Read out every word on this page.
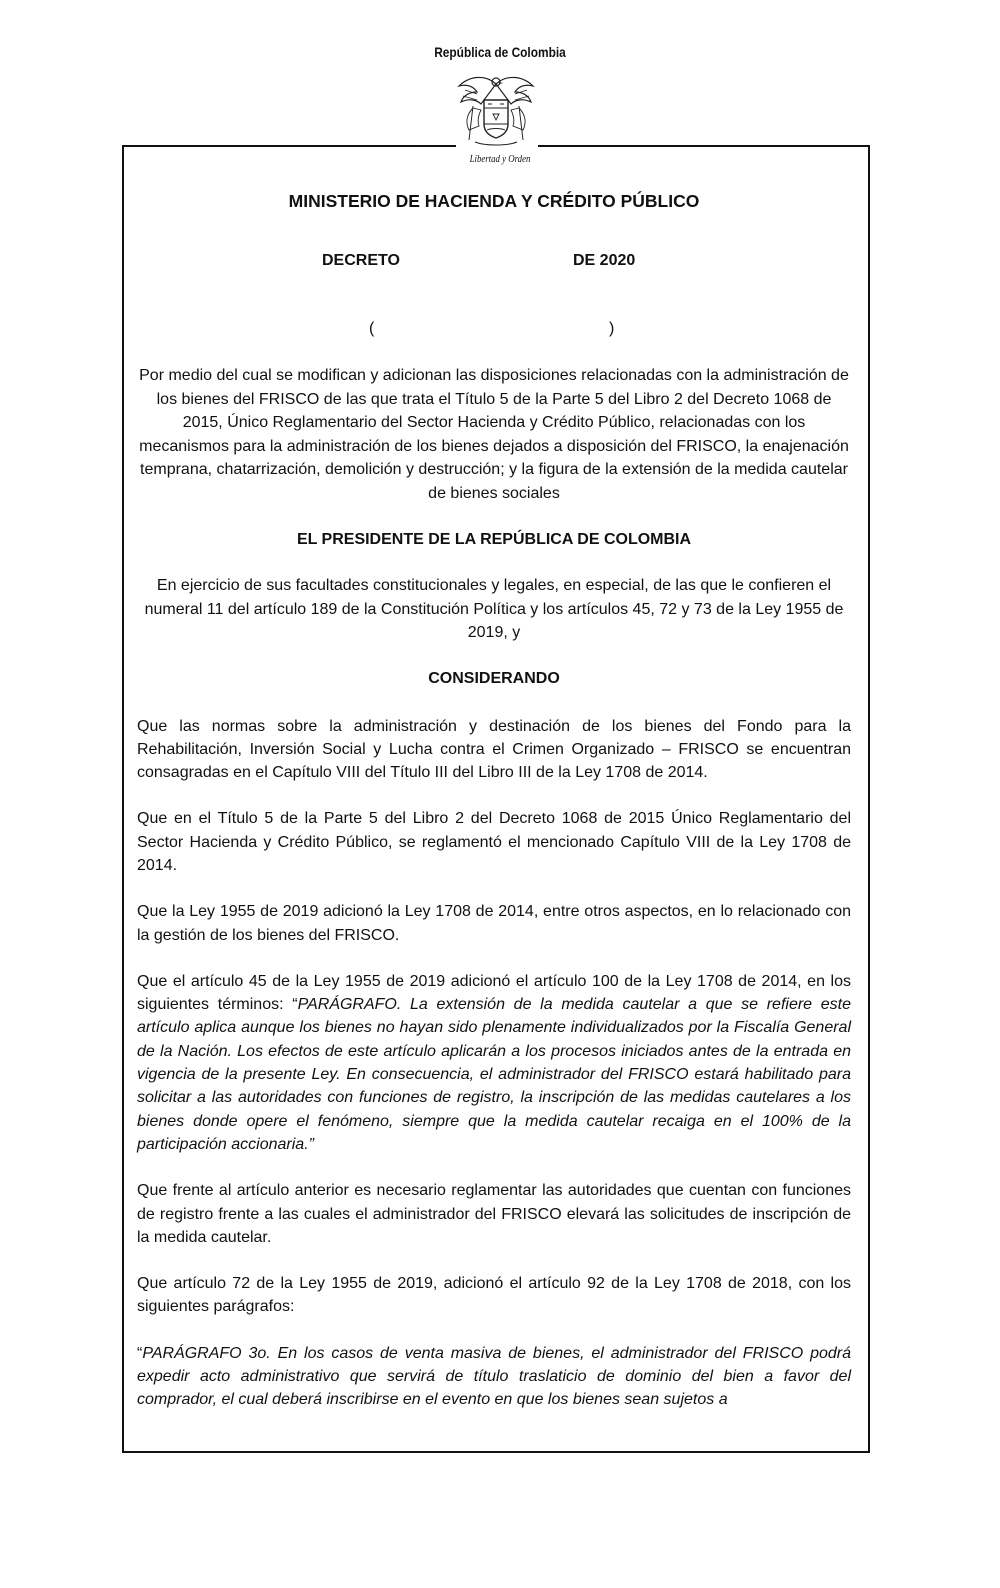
República de Colombia
Libertad y Orden
MINISTERIO DE HACIENDA Y CRÉDITO PÚBLICO
DECRETO	DE 2020
(	)

Por medio del cual se modifican y adicionan las disposiciones relacionadas con la administración de los bienes del FRISCO de las que trata el Título 5 de la Parte 5 del Libro 2 del Decreto 1068 de 2015, Único Reglamentario del Sector Hacienda y Crédito Público, relacionadas con los mecanismos para la administración de los bienes dejados a disposición del FRISCO, la enajenación temprana, chatarrización, demolición y destrucción; y la figura de la extensión de la medida cautelar de bienes sociales

EL PRESIDENTE DE LA REPÚBLICA DE COLOMBIA

En ejercicio de sus facultades constitucionales y legales, en especial, de las que le confieren el numeral 11 del artículo 189 de la Constitución Política y los artículos 45, 72 y 73 de la Ley 1955 de 2019, y

CONSIDERANDO

Que las normas sobre la administración y destinación de los bienes del Fondo para la Rehabilitación, Inversión Social y Lucha contra el Crimen Organizado – FRISCO se encuentran consagradas en el Capítulo VIII del Título III del Libro III de la Ley 1708 de 2014.

Que en el Título 5 de la Parte 5 del Libro 2 del Decreto 1068 de 2015 Único Reglamentario del Sector Hacienda y Crédito Público, se reglamentó el mencionado Capítulo VIII de la Ley 1708 de 2014.

Que la Ley 1955 de 2019 adicionó la Ley 1708 de 2014, entre otros aspectos, en lo relacionado con la gestión de los bienes del FRISCO.

Que el artículo 45 de la Ley 1955 de 2019 adicionó el artículo 100 de la Ley 1708 de 2014, en los siguientes términos: “PARÁGRAFO. La extensión de la medida cautelar a que se refiere este artículo aplica aunque los bienes no hayan sido plenamente individualizados por la Fiscalía General de la Nación. Los efectos de este artículo aplicarán a los procesos iniciados antes de la entrada en vigencia de la presente Ley. En consecuencia, el administrador del FRISCO estará habilitado para solicitar a las autoridades con funciones de registro, la inscripción de las medidas cautelares a los bienes donde opere el fenómeno, siempre que la medida cautelar recaiga en el 100% de la participación accionaria.”

Que frente al artículo anterior es necesario reglamentar las autoridades que cuentan con funciones de registro frente a las cuales el administrador del FRISCO elevará las solicitudes de inscripción de la medida cautelar.

Que artículo 72 de la Ley 1955 de 2019, adicionó el artículo 92 de la Ley 1708 de 2018, con los siguientes parágrafos:

“PARÁGRAFO 3o. En los casos de venta masiva de bienes, el administrador del FRISCO podrá expedir acto administrativo que servirá de título traslaticio de dominio del bien a favor del comprador, el cual deberá inscribirse en el evento en que los bienes sean sujetos a
